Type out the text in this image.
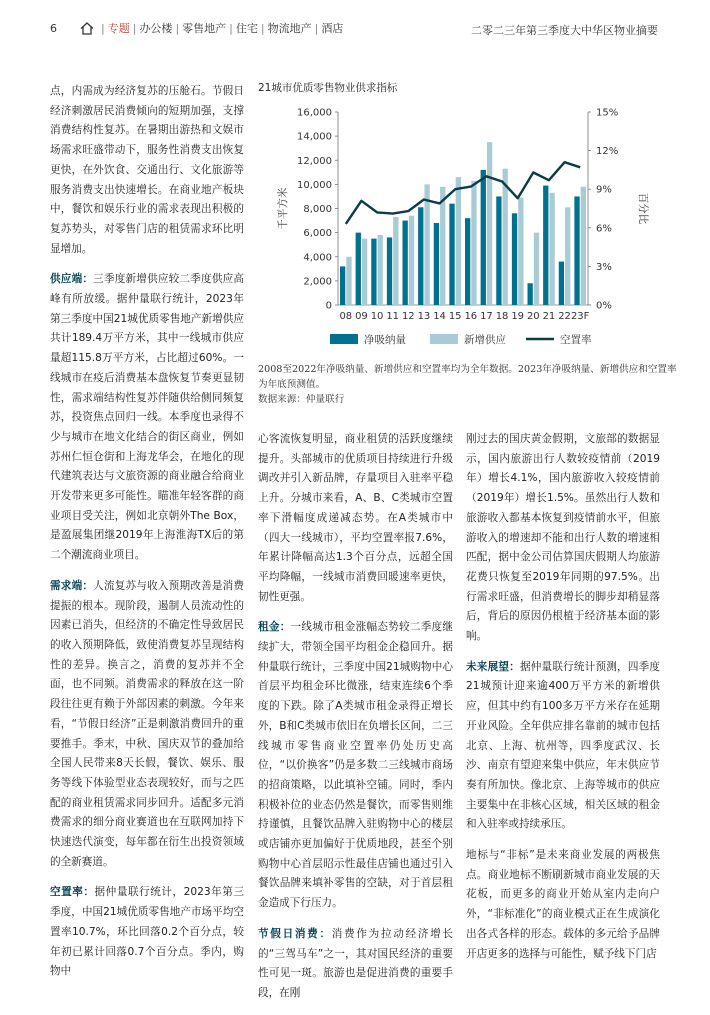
6	| 专题 | 办公楼 | 零售地产 | 住宅 | 物流地产 | 酒店	二零二三年第三季度大中华区物业摘要

点，内需成为经济复苏的压舱石。节假日经济刺激居民消费倾向的短期加强，支撑消费结构性复苏。在暑期出游热和文娱市场需求旺盛带动下，服务性消费支出恢复更快，在外饮食、交通出行、文化旅游等服务消费支出快速增长。在商业地产板块中，餐饮和娱乐行业的需求表现出积极的复苏势头，对零售门店的租赁需求环比明显增加。

供应端：三季度新增供应较二季度供应高峰有所放缓。据仲量联行统计，2023年第三季度中国21城优质零售地产新增供应共计189.4万平方米，其中一线城市供应量超115.8万平方米，占比超过60%。一线城市在疫后消费基本盘恢复节奏更显韧性，需求端结构性复苏伴随供给侧同频复苏，投资焦点回归一线。本季度也录得不少与城市在地文化结合的街区商业，例如苏州仁恒仓街和上海龙华会，在地化的现代建筑表达与文旅资源的商业融合给商业开发带来更多可能性。瞄准年轻客群的商业项目受关注，例如北京朝外The Box，是盈展集团继2019年上海淮海TX后的第二个潮流商业项目。

需求端：人流复苏与收入预期改善是消费提振的根本。现阶段，遏制人员流动性的因素已消失，但经济的不确定性导致居民的收入预期降低，致使消费复苏呈现结构性的差异。换言之，消费的复苏并不全面，也不同频。消费需求的释放在这一阶段往往更有赖于外部因素的刺激。今年来看，“节假日经济”正是刺激消费回升的重要推手。季末，中秋、国庆双节的叠加给全国人民带来8天长假，餐饮、娱乐、服务等线下体验型业态表现较好，而与之匹配的商业租赁需求同步回升。适配多元消费需求的细分商业赛道也在互联网加持下快速迭代演变，每年都在衍生出投资领域的全新赛道。

空置率：据仲量联行统计，2023年第三季度，中国21城优质零售地产市场平均空置率10.7%，环比回落0.2个百分点，较年初已累计回落0.7个百分点。季内，购物中

21城市优质零售物业供求指标
0
2,000
4,000
6,000
8,000
10,000
12,000
14,000
16,000
0%
3%
6%
9%
12%
15%
千平方米	百分比
08 09 10 11 12 13 14 15 16 17 18 19 20 21 22 23F
净吸纳量	新增供应	空置率
2008至2022年净吸纳量、新增供应和空置率均为全年数据。2023年净吸纳量、新增供应和空置率为年底预测值。
数据来源：仲量联行

心客流恢复明显，商业租赁的活跃度继续提升。头部城市的优质项目持续进行升级调改并引入新品牌，存量项目入驻率平稳上升。分城市来看，A、B、C类城市空置率下滑幅度成递减态势。在A类城市中（四大一线城市），平均空置率报7.6%，年累计降幅高达1.3个百分点，远超全国平均降幅，一线城市消费回暖速率更快，韧性更强。

租金：一线城市租金涨幅态势较二季度继续扩大，带领全国平均租金企稳回升。据仲量联行统计，三季度中国21城购物中心首层平均租金环比微涨，结束连续6个季度的下跌。除了A类城市租金录得正增长外，B和C类城市依旧在负增长区间，二三线城市零售商业空置率仍处历史高位，“以价换客”仍是多数二三线城市商场的招商策略，以此填补空铺。同时，季内积极补位的业态仍然是餐饮，而零售则维持谨慎，且餐饮品牌入驻购物中心的楼层或店铺亦更加偏好于优质地段，甚至个别购物中心首层昭示性最佳店铺也通过引入餐饮品牌来填补零售的空缺，对于首层租金造成下行压力。

节假日消费：消费作为拉动经济增长的“三驾马车”之一，其对国民经济的重要性可见一斑。旅游也是促进消费的重要手段，在刚

刚过去的国庆黄金假期，文旅部的数据显示，国内旅游出行人数较疫情前（2019年）增长4.1%，国内旅游收入较疫情前（2019年）增长1.5%。虽然出行人数和旅游收入都基本恢复到疫情前水平，但旅游收入的增速却不能和出行人数的增速相匹配，据中金公司估算国庆假期人均旅游花费只恢复至2019年同期的97.5%。出行需求旺盛，但消费增长的脚步却稍显落后，背后的原因仍根植于经济基本面的影响。

未来展望：据仲量联行统计预测，四季度21城预计迎来逾400万平方米的新增供应，但其中约有100多万平方米存在延期开业风险。全年供应排名靠前的城市包括北京、上海、杭州等，四季度武汉、长沙、南京有望迎来集中供应，年末供应节奏有所加快。像北京、上海等城市的供应主要集中在非核心区域，相关区域的租金和入驻率或持续承压。

地标与“非标”是未来商业发展的两极焦点。商业地标不断刷新城市商业发展的天花板，而更多的商业开始从室内走向户外，“非标准化”的商业模式正在生成演化出各式各样的形态。载体的多元给予品牌开店更多的选择与可能性，赋予线下门店
